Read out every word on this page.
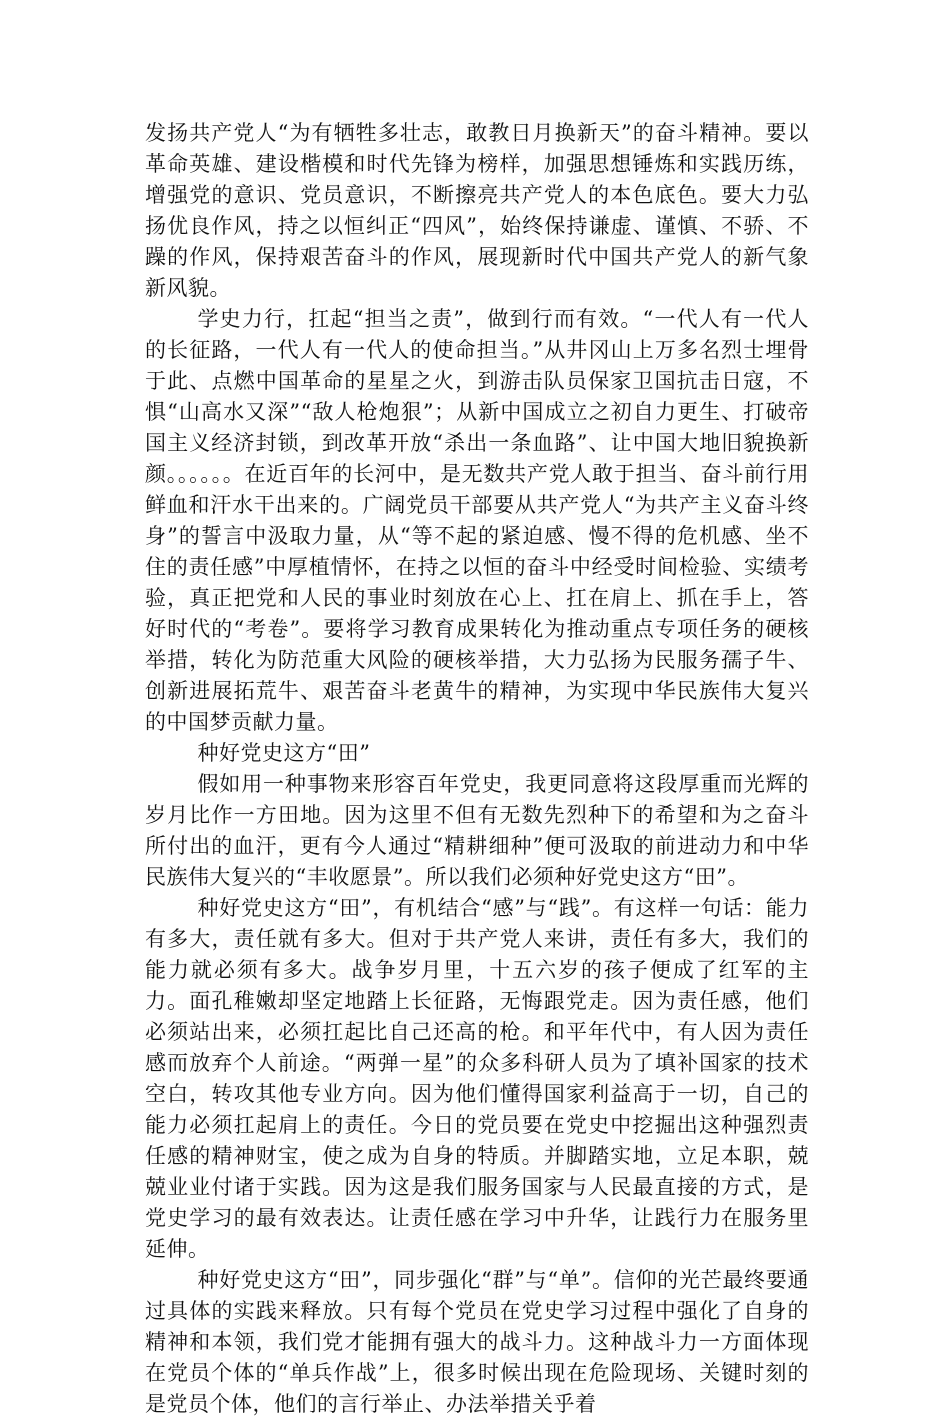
发扬共产党人“为有牺牲多壮志，敢教日月换新天”的奋斗精神。要以革命英雄、建设楷模和时代先锋为榜样，加强思想锤炼和实践历练，增强党的意识、党员意识，不断擦亮共产党人的本色底色。要大力弘扬优良作风，持之以恒纠正“四风”，始终保持谦虚、谨慎、不骄、不躁的作风，保持艰苦奋斗的作风，展现新时代中国共产党人的新气象新风貌。

学史力行，扛起“担当之责”，做到行而有效。“一代人有一代人的长征路，一代人有一代人的使命担当。”从井冈山上万多名烈士埋骨于此、点燃中国革命的星星之火，到游击队员保家卫国抗击日寇，不惧“山高水又深”“敌人枪炮狠”；从新中国成立之初自力更生、打破帝国主义经济封锁，到改革开放“杀出一条血路”、让中国大地旧貌换新颜。。。。。。在近百年的长河中，是无数共产党人敢于担当、奋斗前行用鲜血和汗水干出来的。广阔党员干部要从共产党人“为共产主义奋斗终身”的誓言中汲取力量，从“等不起的紧迫感、慢不得的危机感、坐不住的责任感”中厚植情怀，在持之以恒的奋斗中经受时间检验、实绩考验，真正把党和人民的事业时刻放在心上、扛在肩上、抓在手上，答好时代的“考卷”。要将学习教育成果转化为推动重点专项任务的硬核举措，转化为防范重大风险的硬核举措，大力弘扬为民服务孺子牛、创新进展拓荒牛、艰苦奋斗老黄牛的精神，为实现中华民族伟大复兴的中国梦贡献力量。

种好党史这方“田”

假如用一种事物来形容百年党史，我更同意将这段厚重而光辉的岁月比作一方田地。因为这里不但有无数先烈种下的希望和为之奋斗所付出的血汗，更有今人通过“精耕细种”便可汲取的前进动力和中华民族伟大复兴的“丰收愿景”。所以我们必须种好党史这方“田”。

种好党史这方“田”，有机结合“感”与“践”。有这样一句话：能力有多大，责任就有多大。但对于共产党人来讲，责任有多大，我们的能力就必须有多大。战争岁月里，十五六岁的孩子便成了红军的主力。面孔稚嫩却坚定地踏上长征路，无悔跟党走。因为责任感，他们必须站出来，必须扛起比自己还高的枪。和平年代中，有人因为责任感而放弃个人前途。“两弹一星”的众多科研人员为了填补国家的技术空白，转攻其他专业方向。因为他们懂得国家利益高于一切，自己的能力必须扛起肩上的责任。今日的党员要在党史中挖掘出这种强烈责任感的精神财宝，使之成为自身的特质。并脚踏实地，立足本职，兢兢业业付诸于实践。因为这是我们服务国家与人民最直接的方式，是党史学习的最有效表达。让责任感在学习中升华，让践行力在服务里延伸。

种好党史这方“田”，同步强化“群”与“单”。信仰的光芒最终要通过具体的实践来释放。只有每个党员在党史学习过程中强化了自身的精神和本领，我们党才能拥有强大的战斗力。这种战斗力一方面体现在党员个体的“单兵作战”上，很多时候出现在危险现场、关键时刻的是党员个体，他们的言行举止、办法举措关乎着
